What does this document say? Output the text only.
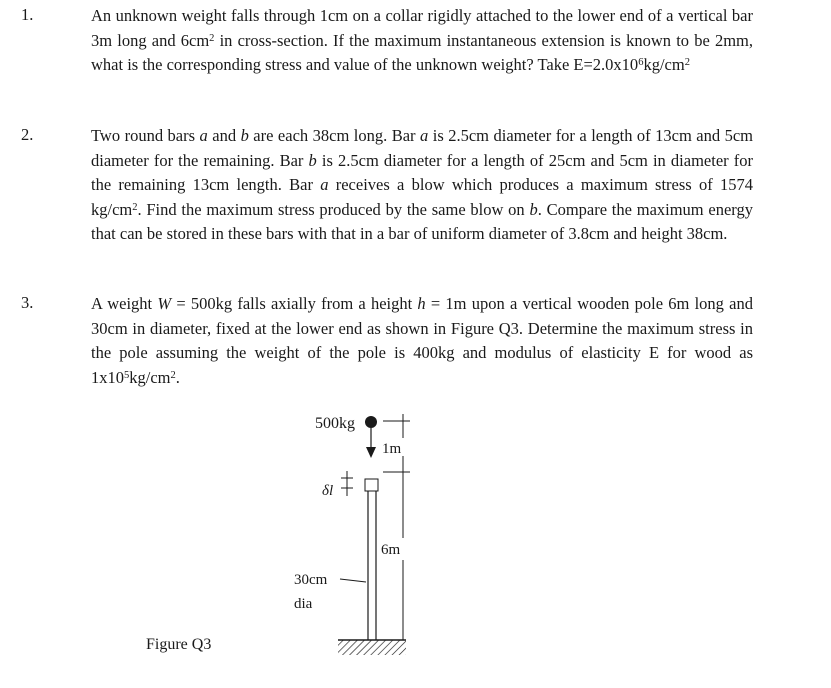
1.	An unknown weight falls through 1cm on a collar rigidly attached to the lower end of a vertical bar 3m long and $6cm^2$ in cross-section. If the maximum instantaneous extension is known to be 2mm, what is the corresponding stress and value of the unknown weight? Take $E=2.0x10^6kg/cm^2$

2.	Two round bars a and b are each 38cm long. Bar a is 2.5cm diameter for a length of 13cm and 5cm diameter for the remaining. Bar b is 2.5cm diameter for a length of 25cm and 5cm in diameter for the remaining 13cm length. Bar a receives a blow which produces a maximum stress of 1574 $kg/cm^2$. Find the maximum stress produced by the same blow on b. Compare the maximum energy that can be stored in these bars with that in a bar of uniform diameter of 3.8cm and height 38cm.

3.	A weight W = 500kg falls axially from a height h = 1m upon a vertical wooden pole 6m long and 30cm in diameter, fixed at the lower end as shown in Figure Q3. Determine the maximum stress in the pole assuming the weight of the pole is 400kg and modulus of elasticity E for wood as $1x10^5kg/cm^2$.

500kg
1m
δl
6m
30cm
dia
Figure Q3
